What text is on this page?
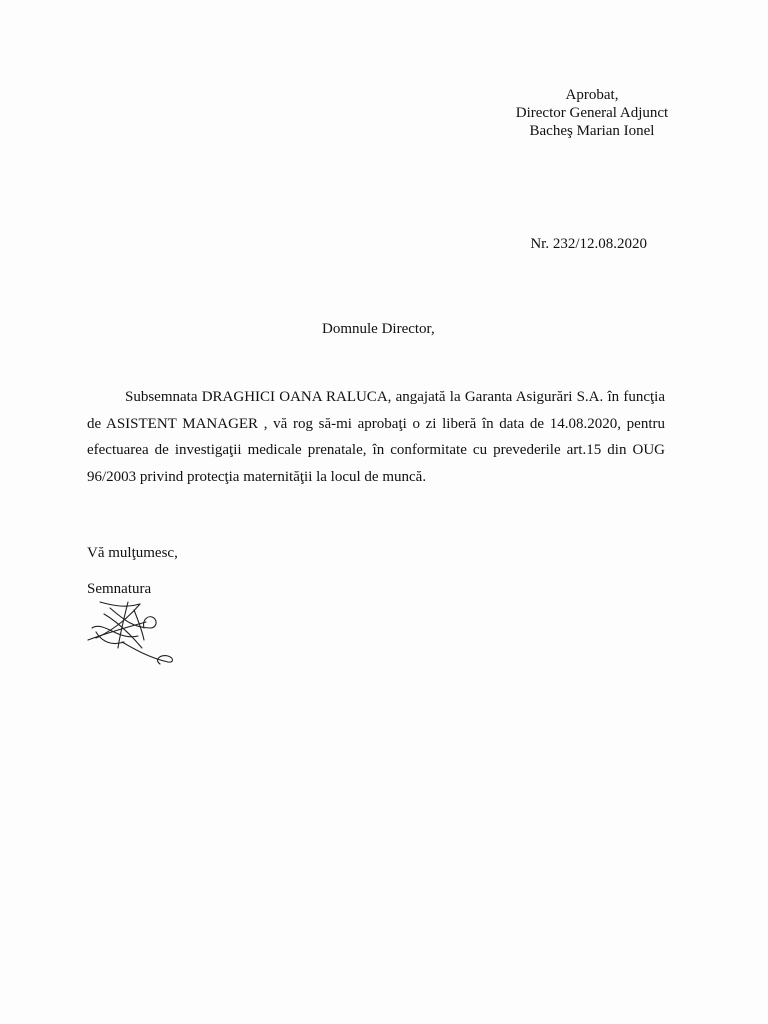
Aprobat,
Director General Adjunct
Bacheş Marian Ionel
Nr. 232/12.08.2020
Domnule Director,
Subsemnata DRAGHICI OANA RALUCA, angajată la Garanta Asigurări S.A. în funcţia de ASISTENT MANAGER , vă rog să-mi aprobaţi o zi liberă în data de 14.08.2020, pentru efectuarea de investigaţii medicale prenatale, în conformitate cu prevederile art.15 din OUG 96/2003 privind protecţia maternităţii la locul de muncă.
Vă mulţumesc,
Semnatura
